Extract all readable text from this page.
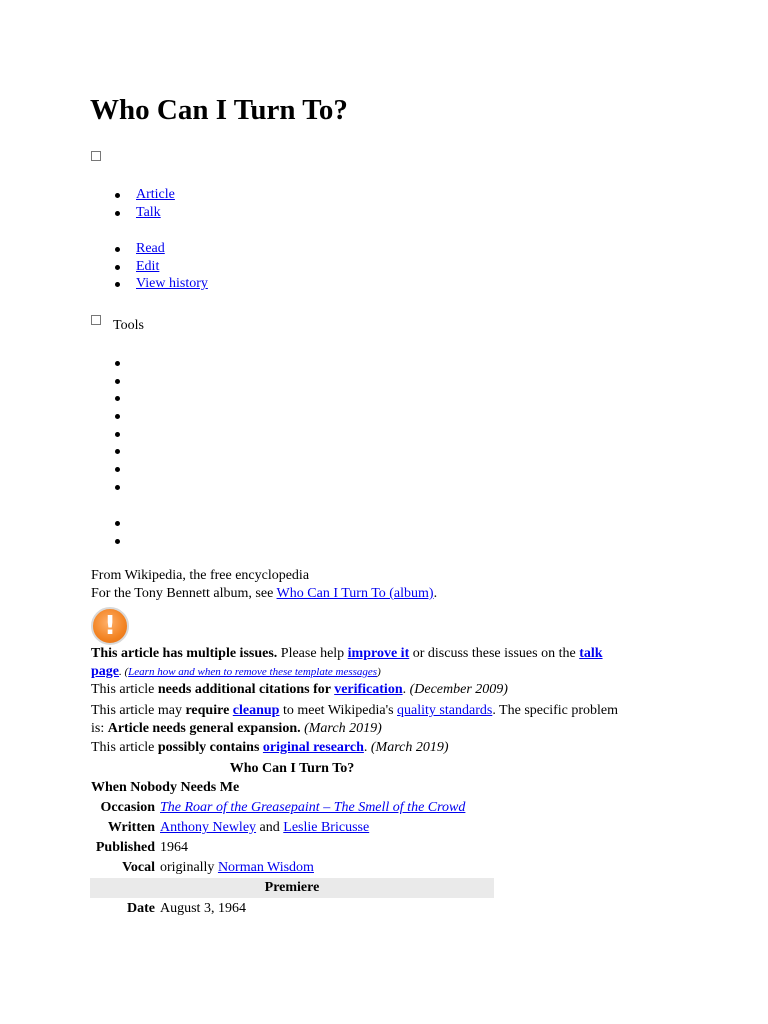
Who Can I Turn To?
Article
Talk
Read
Edit
View history
Tools
From Wikipedia, the free encyclopedia
For the Tony Bennett album, see Who Can I Turn To (album).
!
This article has multiple issues. Please help improve it or discuss these issues on the talk
page. (Learn how and when to remove these template messages)
This article needs additional citations for verification. (December 2009)
This article may require cleanup to meet Wikipedia's quality standards. The specific problem
is: Article needs general expansion. (March 2019)
This article possibly contains original research. (March 2019)
Who Can I Turn To?
When Nobody Needs Me
Occasion The Roar of the Greasepaint – The Smell of the Crowd
Written Anthony Newley and Leslie Bricusse
Published 1964
Vocal originally Norman Wisdom
Premiere
Date August 3, 1964
